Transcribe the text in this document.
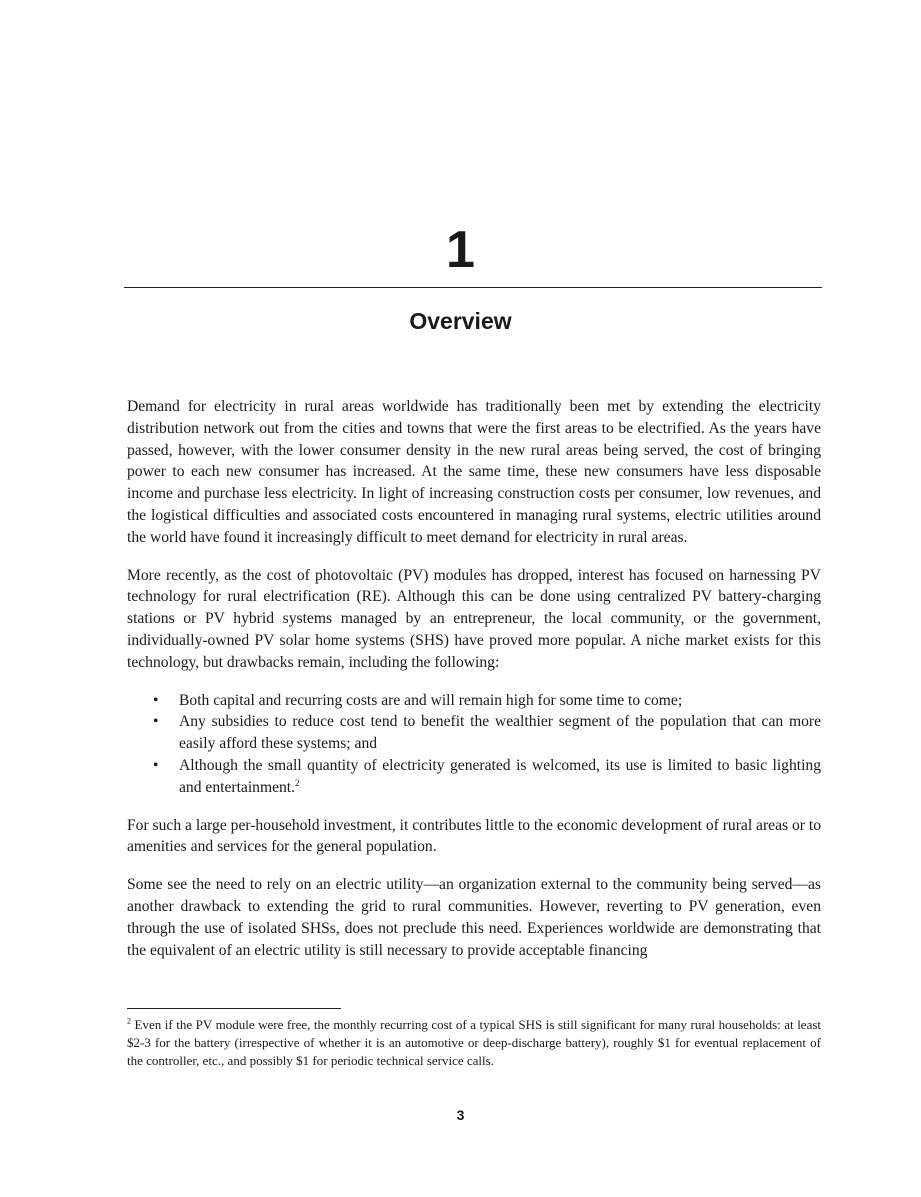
1
Overview

Demand for electricity in rural areas worldwide has traditionally been met by extending the electricity distribution network out from the cities and towns that were the first areas to be electrified. As the years have passed, however, with the lower consumer density in the new rural areas being served, the cost of bringing power to each new consumer has increased. At the same time, these new consumers have less disposable income and purchase less electricity. In light of increasing construction costs per consumer, low revenues, and the logistical difficulties and associated costs encountered in managing rural systems, electric utilities around the world have found it increasingly difficult to meet demand for electricity in rural areas.

More recently, as the cost of photovoltaic (PV) modules has dropped, interest has focused on harnessing PV technology for rural electrification (RE). Although this can be done using centralized PV battery-charging stations or PV hybrid systems managed by an entrepreneur, the local community, or the government, individually-owned PV solar home systems (SHS) have proved more popular. A niche market exists for this technology, but drawbacks remain, including the following:

• Both capital and recurring costs are and will remain high for some time to come;
• Any subsidies to reduce cost tend to benefit the wealthier segment of the population that can more easily afford these systems; and
• Although the small quantity of electricity generated is welcomed, its use is limited to basic lighting and entertainment.$^2$

For such a large per-household investment, it contributes little to the economic development of rural areas or to amenities and services for the general population.

Some see the need to rely on an electric utility—an organization external to the community being served—as another drawback to extending the grid to rural communities. However, reverting to PV generation, even through the use of isolated SHSs, does not preclude this need. Experiences worldwide are demonstrating that the equivalent of an electric utility is still necessary to provide acceptable financing

$^2$ Even if the PV module were free, the monthly recurring cost of a typical SHS is still significant for many rural households: at least $2-3 for the battery (irrespective of whether it is an automotive or deep-discharge battery), roughly $1 for eventual replacement of the controller, etc., and possibly $1 for periodic technical service calls.
3
